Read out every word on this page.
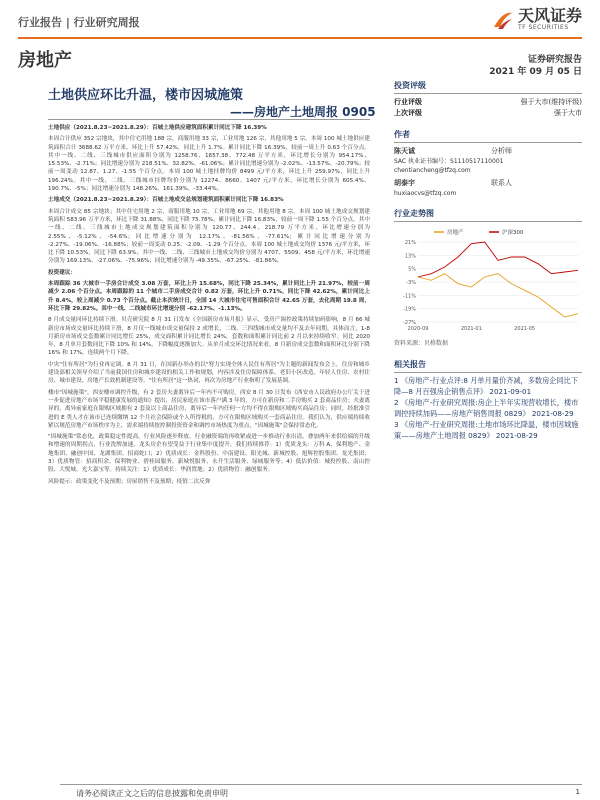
行业报告 | 行业研究周报	天风证券
TF SECURITIES
房地产	证券研究报告
2021 年 09 月 05 日
土地供应环比升温，楼市因城施策
——房地产土地周报 0905

土地供应（2021.8.23~2021.8.29）：百城土地供应建筑面积累计同比下降 16.39%

本周合计供应 352 宗地块，其中住宅用地 188 宗，商服用地 33 宗，工业用地 126 宗，其他用地 5 宗。本周 100 城土地供应建筑面积合计 3688.62 万平方米，环比上升 57.42%，同比上升 1.7%。累计同比下降 16.39%，较前一周上升 0.63 个百分点。其中一线、二线、三线城市供应面积分别为 1258.76、1657.38、772.48 万平方米，环比增长分别为 954.17%、15.53%、-2.71%；同比增速分别为 218.51%、32.82%、-61.06%；累计同比增速分别为 -2.02%、-13.57%、-20.79%；较前一周变动 12.87、1.27、-1.55 个百分点。本周 100 城土地挂牌均价 8499 元/平方米，环比上升 259.97%，同比上升 196.24%。其中一线、二线、三线城市挂牌均价分别为 12274、8660、1407 元/平方米，环比增长分别为 605.4%、190.7%、-5%；同比增速分别为 148.26%、161.39%、-33.44%。

土地成交（2021.8.23~2021.8.29）：百城土地成交总规划建筑面积累计同比下降 16.83%

本周合计成交 85 宗地块；其中住宅用地 2 宗，商服用地 10 宗，工业用地 69 宗，其他用地 8 宗。本周 100 城土地成交规划建筑面积 583.96 万平方米，环比下降 31.88%，同比下降 75.78%。累计同比下降 16.83%，较前一周下降 1.55 个百分点。其中一线、二线、三线城市土地成交规划建筑面积分别为 120.77、244.4、218.79 万平方米，环比增速分别为 2.55%、-5.12%、-54.6%；同比增速分别为 12.17%、-81.56%、-77.61%；累计同比增速分别为 -2.27%、-19.06%、-16.88%；较前一周变动 0.25、-2.09、-1.29 个百分点。本周 100 城土地成交均价 1376 元/平方米，环比下降 10.53%，同比下降 63.9%。其中一线、二线、三线城市土地成交均价分别为 4707、5509、458 元/平方米，环比增速分别为 169.13%、-27.06%、-75.96%；同比增速分别为 -49.35%、-67.25%、-81.86%。

投资建议：

本周跟踪 36 大城市一手房合计成交 3.08 万套，环比上升 15.68%，同比下降 25.34%，累计同比上升 21.97%，较前一周减少 2.06 个百分点。本周跟踪的 11 个城市二手房成交合计 0.82 万套，环比上升 0.71%，同比下降 42.62%，累计同比上升 8.4%，较上周减少 0.73 个百分点。截止本次统计日，全国 14 大城市住宅可售面积合计 42.65 万套，去化周期 19.8 周，环比下降 29.82%。其中一线、二线城市环比增速分别 -62.17%、-1.13%。

8 月成交量同环比持续下滑。贝壳研究院 8 月 31 日发布《全国新房市场月报》显示，受房产调控政策持续加码影响，8 月 66 城新房市场成交量环比持续下滑，8 月仅一线城市成交量保持 2 成增长，二线、三四线城市成交量均不及去年同期。具体而言，1-8 月新房市场成交套数累计同比增长 25%，成交面积累计同比增长 24%，套数和面积累计同比前 2 月以来持续收窄。同比 2020 年，8 月单月套数同比下降 10% 和 14%，下降幅度逐渐加大。从单月成交环比情况来看，8 月新房成交套数和面积环比分别下降 16% 和 17%，连续两个月下降。

中央"住有所居"为行业再定调。8 月 31 日，在国新办举办的以"努力实现全体人民住有所居"为主题的新闻发布会上，住房和城乡建设部相关领导介绍了当前我国住房和城乡建设的相关工作和规划，内容涉及住房保障体系、老旧小区改造、年轻人住房、农村住房、城市建设、房地产长效机制建设等。"住有所居"这一热词，再次为房地产行业指明了发展基调。

楼市"因城施策"。西安楼市调控升级，有 2 套房夫妻离异后一年内不可购房。西安 8 月 30 日发布《西安市人民政府办公厅关于进一步促进房地产市场平稳健康发展的通知》提出，居民家庭在该市落户满 3 年的，方可在新房和二手房购买 2 套商品住房；夫妻离异的，离异前家庭在限购区域拥有 2 套及以上商品住房，离异后一年内任何一方均不得在限购区域购买商品住房；同时，经批准引进的 E 类人才在该市已连续缴纳 12 个月社会保险或个人所得税的，方可在限购区域购买一套商品住房。我们认为，供应端持续收紧以规范房地产市场秩序为主，需求端持续按控制投资资金和调控市场热度为重点，"因城施策"会保持常态化。

"因城施策"常态化，政策稳定性提高，行业风险逐步释放。行业融资端的再收紧或进一步推动行业出清，叠加两年来供给端的升级和增速的周期拐点，行业洗牌加速，龙头房企有望受益于行业集中度提升。我们持续推荐：1）优质龙头：万科 A、保利地产、金地集团、融创中国、龙湖集团、招商蛇口；2）优质成长：金科股份、中南建设、阳光城、新城控股、旭辉控股集团、龙光集团；3）优质物管：招商积余、保利物业、碧桂园服务、新城悦服务、永升生活服务、绿城服务等；4）低估价值：城投控股、南山控股、大悦城、光大嘉宝等。持续关注：1）优质成长：华润置地；2）优质物管：融创服务。

风险提示：政策变化不及预期；房屋销售不及预期；疫情二次反弹

投资评级
行业评级	强于大市(维持评级)
上次评级	强于大市
作者
陈天诚	分析师
SAC 执业证书编号：S1110517110001
chentiancheng@tfzq.com
胡泰宇	联系人
huxiaocvs@tfzq.com
行业走势图
21%
13%
5%
-3%
-11%
-19%
-27%
2020-09	2021-01	2021-05
房地产	沪深300
资料来源：贝格数据
相关报告
1 《房地产-行业点评:8 月单月量价齐减，多数房企同比下降—8 月百强房企销售点评》 2021-09-01
2 《房地产-行业研究周报:房企上半年实现营收增长，楼市调控持续加码——房地产销售周报 0829》 2021-08-29
3 《房地产-行业研究周报:土地市场环比降温，楼市因城施策——房地产土地周报 0829》 2021-08-29
请务必阅读正文之后的信息披露和免责申明	1
